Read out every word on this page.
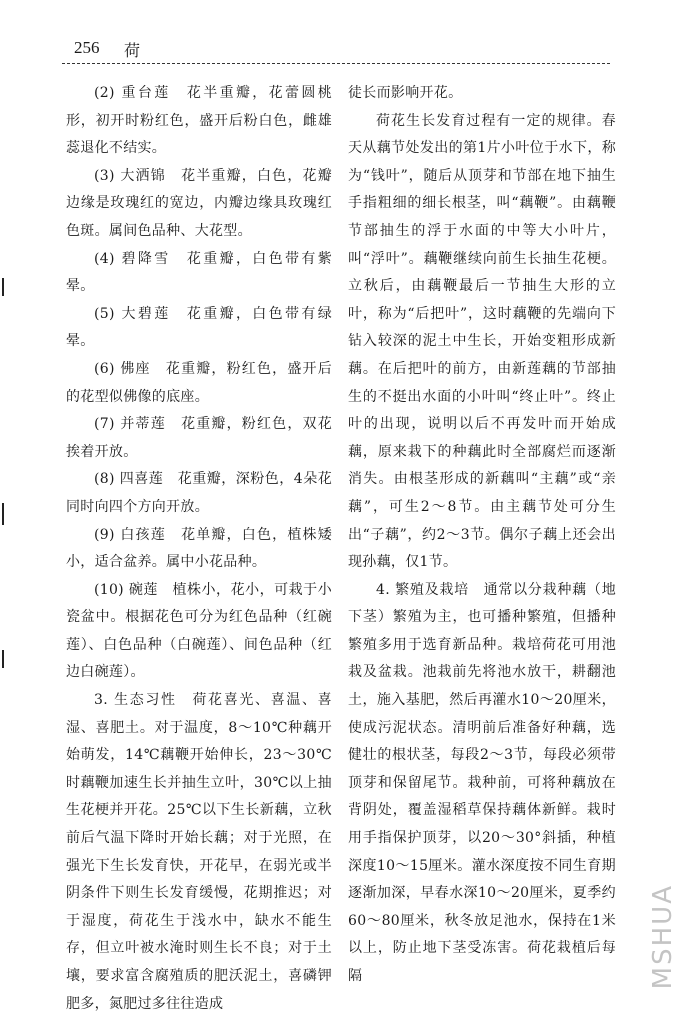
256 荷

(2) 重台莲　花半重瓣，花蕾圆桃形，初开时粉红色，盛开后粉白色，雌雄蕊退化不结实。

(3) 大洒锦　花半重瓣，白色，花瓣边缘是玫瑰红的宽边，内瓣边缘具玫瑰红色斑。属间色品种、大花型。

(4) 碧降雪　花重瓣，白色带有紫晕。

(5) 大碧莲　花重瓣，白色带有绿晕。

(6) 佛座　花重瓣，粉红色，盛开后的花型似佛像的底座。

(7) 并蒂莲　花重瓣，粉红色，双花挨着开放。

(8) 四喜莲　花重瓣，深粉色，4朵花同时向四个方向开放。

(9) 白孩莲　花单瓣，白色，植株矮小，适合盆养。属中小花品种。

(10) 碗莲　植株小，花小，可栽于小瓷盆中。根据花色可分为红色品种（红碗莲）、白色品种（白碗莲）、间色品种（红边白碗莲）。

3. 生态习性　荷花喜光、喜温、喜湿、喜肥土。对于温度，8～10℃种藕开始萌发，14℃藕鞭开始伸长，23～30℃时藕鞭加速生长并抽生立叶，30℃以上抽生花梗并开花。25℃以下生长新藕，立秋前后气温下降时开始长藕；对于光照，在强光下生长发育快，开花早，在弱光或半阴条件下则生长发育缓慢，花期推迟；对于湿度，荷花生于浅水中，缺水不能生存，但立叶被水淹时则生长不良；对于土壤，要求富含腐殖质的肥沃泥土，喜磷钾肥多，氮肥过多往往造成

徒长而影响开花。

荷花生长发育过程有一定的规律。春天从藕节处发出的第1片小叶位于水下，称为“钱叶”，随后从顶芽和节部在地下抽生手指粗细的细长根茎，叫“藕鞭”。由藕鞭节部抽生的浮于水面的中等大小叶片，叫“浮叶”。藕鞭继续向前生长抽生花梗。立秋后，由藕鞭最后一节抽生大形的立叶，称为“后把叶”，这时藕鞭的先端向下钻入较深的泥土中生长，开始变粗形成新藕。在后把叶的前方，由新莲藕的节部抽生的不挺出水面的小叶叫“终止叶”。终止叶的出现，说明以后不再发叶而开始成藕，原来栽下的种藕此时全部腐烂而逐渐消失。由根茎形成的新藕叫“主藕”或“亲藕”，可生2～8节。由主藕节处可分生出“子藕”，约2～3节。偶尔子藕上还会出现孙藕，仅1节。

4. 繁殖及栽培　通常以分栽种藕（地下茎）繁殖为主，也可播种繁殖，但播种繁殖多用于选育新品种。栽培荷花可用池栽及盆栽。池栽前先将池水放干，耕翻池土，施入基肥，然后再灌水10～20厘米，使成污泥状态。清明前后准备好种藕，选健壮的根状茎，每段2～3节，每段必须带顶芽和保留尾节。栽种前，可将种藕放在背阴处，覆盖湿稻草保持藕体新鲜。栽时用手指保护顶芽，以20～30°斜插，种植深度10～15厘米。灌水深度按不同生育期逐渐加深，早春水深10～20厘米，夏季约60～80厘米，秋冬放足池水，保持在1米以上，防止地下茎受冻害。荷花栽植后每隔	MSHUA
